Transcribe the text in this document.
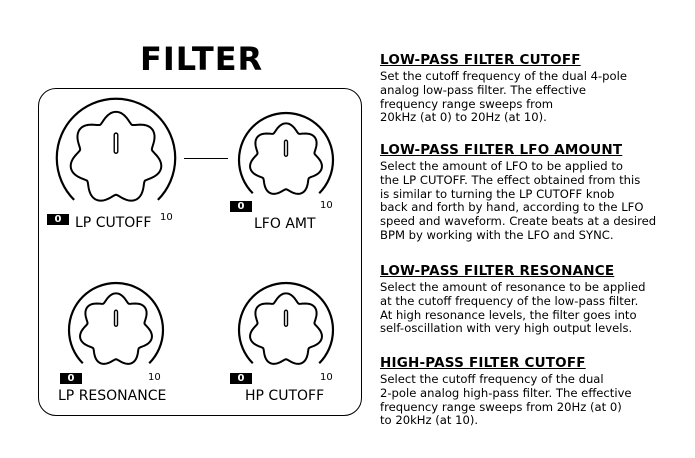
FILTER
0	10
LP CUTOFF
0	10
LFO AMT
0	10
LP RESONANCE
0	10
HP CUTOFF

LOW-PASS FILTER CUTOFF

Set the cutoff frequency of the dual 4-pole
analog low-pass filter. The effective
frequency range sweeps from
20kHz (at 0) to 20Hz (at 10).

LOW-PASS FILTER LFO AMOUNT

Select the amount of LFO to be applied to
the LP CUTOFF. The effect obtained from this
is similar to turning the LP CUTOFF knob
back and forth by hand, according to the LFO
speed and waveform. Create beats at a desired
BPM by working with the LFO and SYNC.

LOW-PASS FILTER RESONANCE

Select the amount of resonance to be applied
at the cutoff frequency of the low-pass filter.
At high resonance levels, the filter goes into
self-oscillation with very high output levels.

HIGH-PASS FILTER CUTOFF

Select the cutoff frequency of the dual
2-pole analog high-pass filter. The effective
frequency range sweeps from 20Hz (at 0)
to 20kHz (at 10).
